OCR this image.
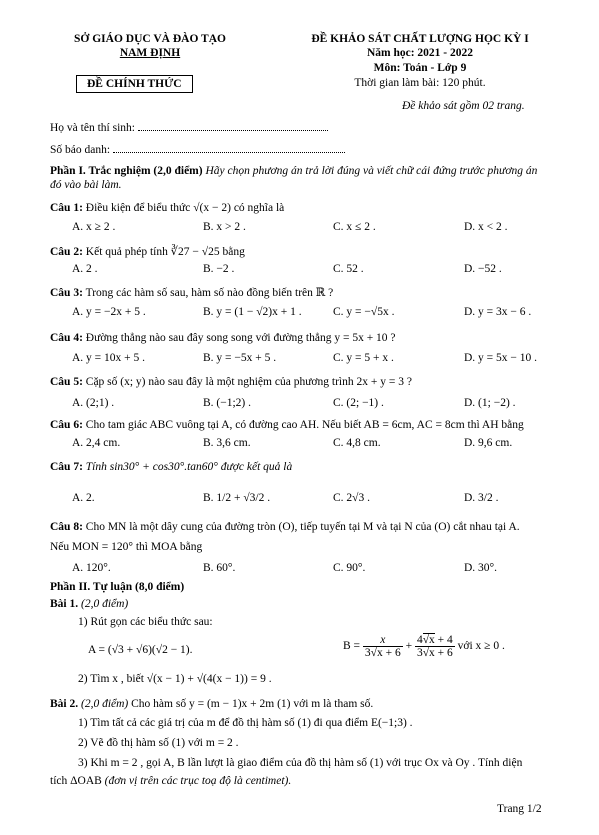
SỞ GIÁO DỤC VÀ ĐÀO TẠO
NAM ĐỊNH
ĐỀ CHÍNH THỨC
ĐỀ KHẢO SÁT CHẤT LƯỢNG HỌC KỲ I
Năm học: 2021 - 2022
Môn: Toán - Lớp 9
Thời gian làm bài: 120 phút.
Đề khảo sát gồm 02 trang.
Họ và tên thí sinh:
Số báo danh:
Phần I. Trắc nghiệm (2,0 điểm) Hãy chọn phương án trả lời đúng và viết chữ cái đứng trước phương án đó vào bài làm.
Câu 1: Điều kiện để biểu thức √(x − 2) có nghĩa là
A. x ≥ 2 .	B. x > 2 .	C. x ≤ 2 .	D. x < 2 .
Câu 2: Kết quả phép tính ∛27 − √25 bằng
A. 2 .	B. −2 .	C. 52 .	D. −52 .
Câu 3: Trong các hàm số sau, hàm số nào đồng biến trên ℝ ?
A. y = −2x + 5 .	B. y = (1 − √2)x + 1 .	C. y = −√5x .	D. y = 3x − 6 .
Câu 4: Đường thẳng nào sau đây song song với đường thẳng y = 5x + 10 ?
A. y = 10x + 5 .	B. y = −5x + 5 .	C. y = 5 + x .	D. y = 5x − 10 .
Câu 5: Cặp số (x; y) nào sau đây là một nghiệm của phương trình 2x + y = 3 ?
A. (2;1) .	B. (−1;2) .	C. (2; −1) .	D. (1; −2) .
Câu 6: Cho tam giác ABC vuông tại A, có đường cao AH. Nếu biết AB = 6cm, AC = 8cm thì AH bằng
A. 2,4 cm.	B. 3,6 cm.	C. 4,8 cm.	D. 9,6 cm.
Câu 7: Tính sin30° + cos30°.tan60° được kết quả là
A. 2.	B. 1/2 + √3/2 .	C. 2√3 .	D. 3/2 .
Câu 8: Cho MN là một dây cung của đường tròn (O), tiếp tuyến tại M và tại N của (O) cắt nhau tại A.
Nếu MON = 120° thì MOA bằng
A. 120°.	B. 60°.	C. 90°.	D. 30°.
Phần II. Tự luận (8,0 điểm)
Bài 1. (2,0 điểm)
1) Rút gọn các biểu thức sau:
A = (√3 + √6)(√2 − 1).	$B = \frac{x}{3√x + 6} + \frac{4√x + 4}{3√x + 6}$ với x ≥ 0 .
2) Tìm x , biết √(x − 1) + √(4(x − 1)) = 9 .
Bài 2. (2,0 điểm) Cho hàm số y = (m − 1)x + 2m (1) với m là tham số.
1) Tìm tất cả các giá trị của m để đồ thị hàm số (1) đi qua điểm E(−1;3) .
2) Vẽ đồ thị hàm số (1) với m = 2 .
3) Khi m = 2 , gọi A, B lần lượt là giao điểm của đồ thị hàm số (1) với trục Ox và Oy . Tính diện
tích ΔOAB (đơn vị trên các trục toạ độ là centimet).
Trang 1/2
